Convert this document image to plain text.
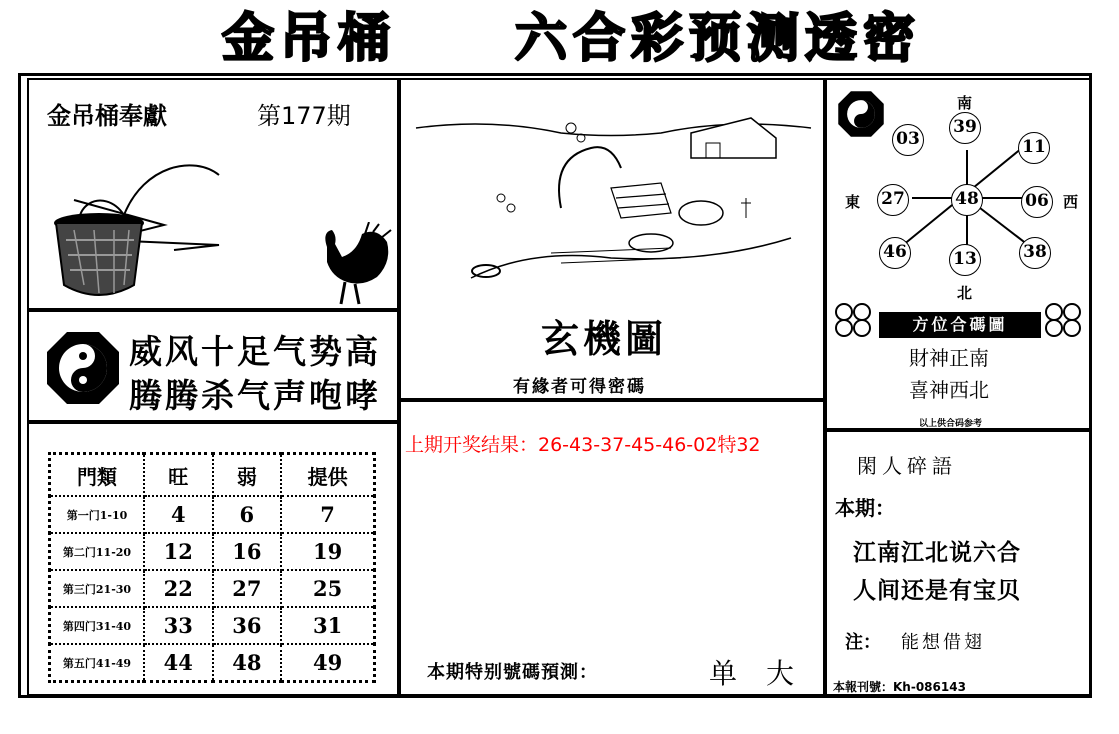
金吊桶 六合彩预测透密
金吊桶奉獻	第177期
威风十足气势高
腾腾杀气声咆哮
門類	旺	弱	提供
第一门1-10	4	6	7
第二门11-20	12	16	19
第三门21-30	22	27	25
第四门31-40	33	36	31
第五门41-49	44	48	49
玄機圖
有緣者可得密碼
上期开奖结果：26-43-37-45-46-02特32
本期特别號碼預測：	单 大
南
北
東	西
03
39
11
27	48	06
46	13	38
方位合碼圖
財神正南
喜神西北
以上供合码参考
閑人碎語
本期：
江南江北说六合
人间还是有宝贝
注： 能想借翅
本報刊號：Kh-086143
